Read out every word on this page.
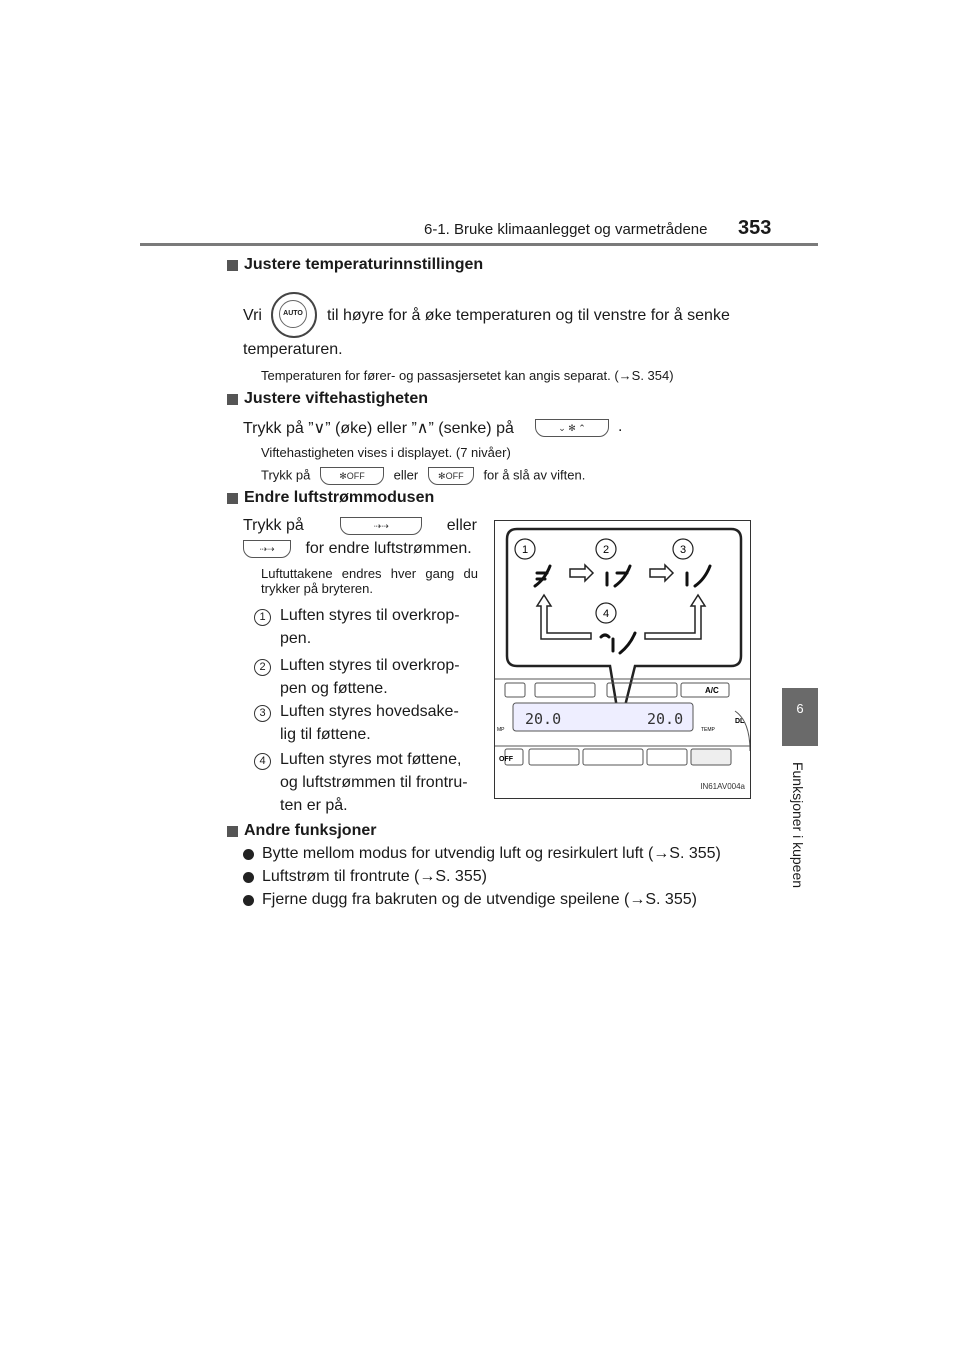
6-1. Bruke klimaanlegget og varmetrådene 353
6
Funksjoner i kupeen
Justere temperaturinnstillingen
Vri	AUTO til høyre for å øke temperaturen og til venstre for å senke
temperaturen.
Temperaturen for fører- og passasjersetet kan angis separat. (→S. 354)
Justere viftehastigheten
Trykk på ”∨” (øke) eller ”∧” (senke) på	⌄ ✻ ⌃	.
Viftehastigheten vises i displayet. (7 nivåer)
Trykk på	✻OFF eller ✻OFF for å slå av viften.
Endre luftstrømmodusen
Trykk på	⇢⇢	eller
⇢⇢ for endre luftstrømmen.
Luftuttakene endres hver gang du trykker på bryteren.
1 Luften styres til overkrop-
pen.
2 Luften styres til overkrop-
pen og føttene.
3 Luften styres hovedsake-
lig til føttene.
4 Luften styres mot føttene,
og luftstrømmen til frontru-
ten er på.
1	2	3
4
A/C
20.0	20.0
MP	TEMP
DL
OFF
IN61AV004a
Andre funksjoner
Bytte mellom modus for utvendig luft og resirkulert luft (→S. 355)
Luftstrøm til frontrute (→S. 355)
Fjerne dugg fra bakruten og de utvendige speilene (→S. 355)
